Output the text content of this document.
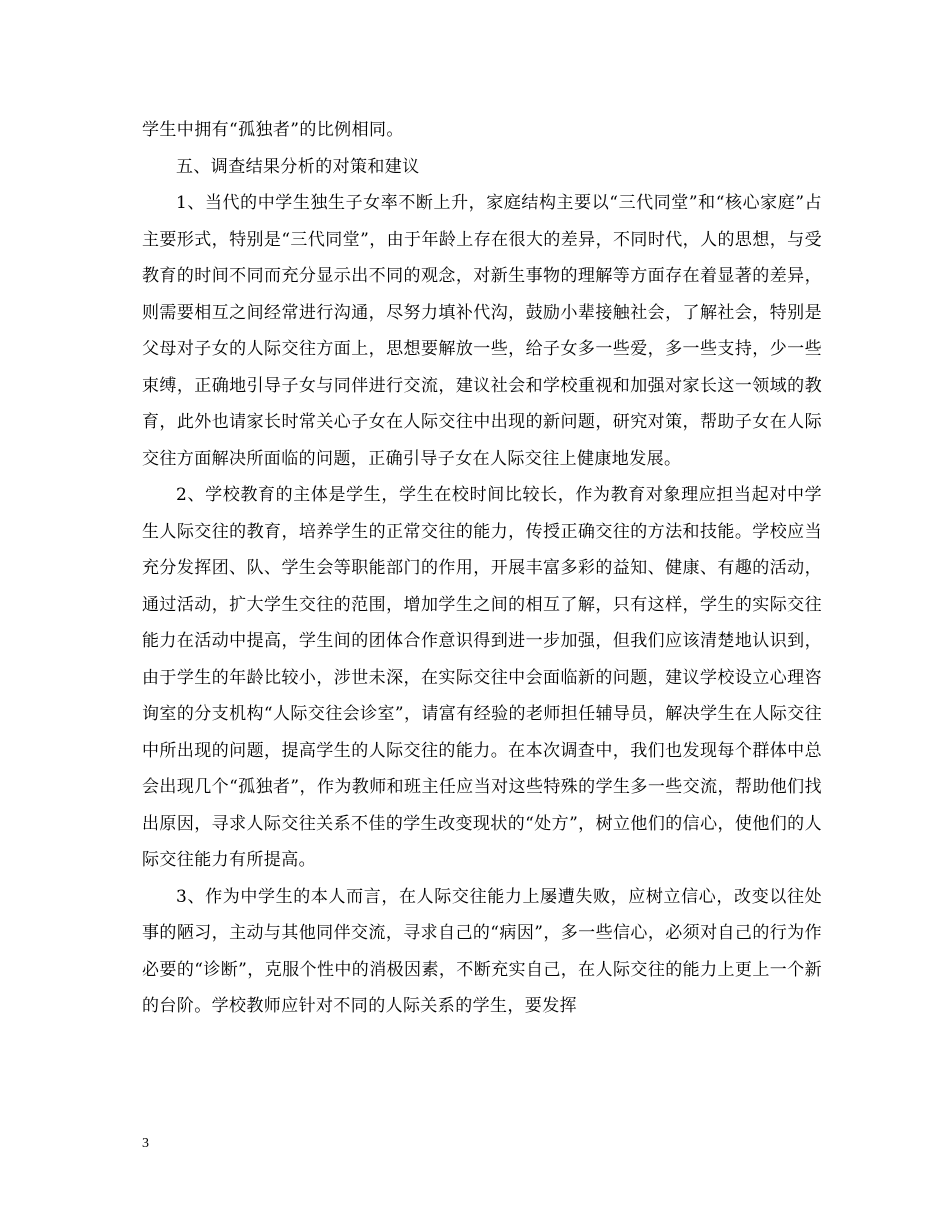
学生中拥有“孤独者”的比例相同。

五、调查结果分析的对策和建议

1、当代的中学生独生子女率不断上升，家庭结构主要以“三代同堂”和“核心家庭”占主要形式，特别是“三代同堂”，由于年龄上存在很大的差异，不同时代，人的思想，与受教育的时间不同而充分显示出不同的观念，对新生事物的理解等方面存在着显著的差异，则需要相互之间经常进行沟通，尽努力填补代沟，鼓励小辈接触社会，了解社会，特别是父母对子女的人际交往方面上，思想要解放一些，给子女多一些爱，多一些支持，少一些束缚，正确地引导子女与同伴进行交流，建议社会和学校重视和加强对家长这一领域的教育，此外也请家长时常关心子女在人际交往中出现的新问题，研究对策，帮助子女在人际交往方面解决所面临的问题，正确引导子女在人际交往上健康地发展。

2、学校教育的主体是学生，学生在校时间比较长，作为教育对象理应担当起对中学生人际交往的教育，培养学生的正常交往的能力，传授正确交往的方法和技能。学校应当充分发挥团、队、学生会等职能部门的作用，开展丰富多彩的益知、健康、有趣的活动，通过活动，扩大学生交往的范围，增加学生之间的相互了解，只有这样，学生的实际交往能力在活动中提高，学生间的团体合作意识得到进一步加强，但我们应该清楚地认识到，由于学生的年龄比较小，涉世未深，在实际交往中会面临新的问题，建议学校设立心理咨询室的分支机构“人际交往会诊室”，请富有经验的老师担任辅导员，解决学生在人际交往中所出现的问题，提高学生的人际交往的能力。在本次调查中，我们也发现每个群体中总会出现几个“孤独者”，作为教师和班主任应当对这些特殊的学生多一些交流，帮助他们找出原因，寻求人际交往关系不佳的学生改变现状的“处方”，树立他们的信心，使他们的人际交往能力有所提高。

3、作为中学生的本人而言，在人际交往能力上屡遭失败，应树立信心，改变以往处事的陋习，主动与其他同伴交流，寻求自己的“病因”，多一些信心，必须对自己的行为作必要的“诊断”，克服个性中的消极因素，不断充实自己，在人际交往的能力上更上一个新的台阶。学校教师应针对不同的人际关系的学生，要发挥

3
